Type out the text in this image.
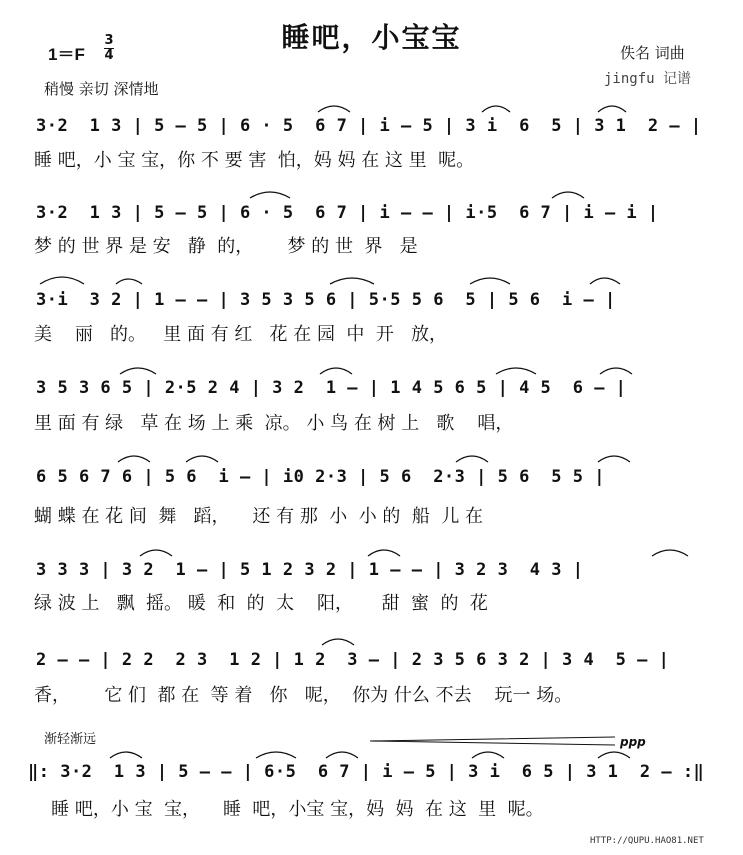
睡吧，小宝宝
1＝F
3
4
稍慢 亲切 深情地
佚名 词曲
jingfu 记谱
3·2  1 3 | 5 – 5 | 6 · 5  6 7 | i – 5 | 3 i  6  5 | 3 1  2 – |
睡 吧，小 宝 宝，你 不 要 害  怕，妈 妈 在 这 里  呢。
3·2  1 3 | 5 – 5 | 6 · 5  6 7 | i – – | i·5  6 7 | i – i |
梦 的 世 界 是 安   静  的，      梦 的 世  界   是
3·i  3 2 | 1 – – | 3 5 3 5 6 | 5·5 5 6  5 | 5 6  i – |
美    丽   的。   里 面 有 红   花 在 园  中  开   放，
3 5 3 6 5 | 2·5 2 4 | 3 2  1 – | 1 4 5 6 5 | 4 5  6 – |
里 面 有 绿   草 在 场 上 乘  凉。 小 鸟 在 树 上   歌    唱，
6 5 6 7 6 | 5 6  i – | i0 2·3 | 5 6  2·3 | 5 6  5 5 |
蝴 蝶 在 花 间  舞   蹈，    还 有 那  小  小 的  船  儿 在
3 3 3 | 3 2  1 – | 5 1 2 3 2 | 1 – – | 3 2 3  4 3 |
绿 波 上   飘  摇。 暖  和  的  太    阳，     甜  蜜  的  花
2 – – | 2 2  2 3  1 2 | 1 2  3 – | 2 3 5 6 3 2 | 3 4  5 – |
香，      它 们  都 在  等 着   你   呢，  你为 什么 不去    玩一 场。
渐轻渐远	ppp
‖: 3·2  1 3 | 5 – – | 6·5  6 7 | i – 5 | 3 i  6 5 | 3 1  2 – :‖
睡 吧，小 宝  宝，    睡  吧，小宝 宝，妈  妈  在 这  里  呢。
HTTP://QUPU.HAO81.NET
